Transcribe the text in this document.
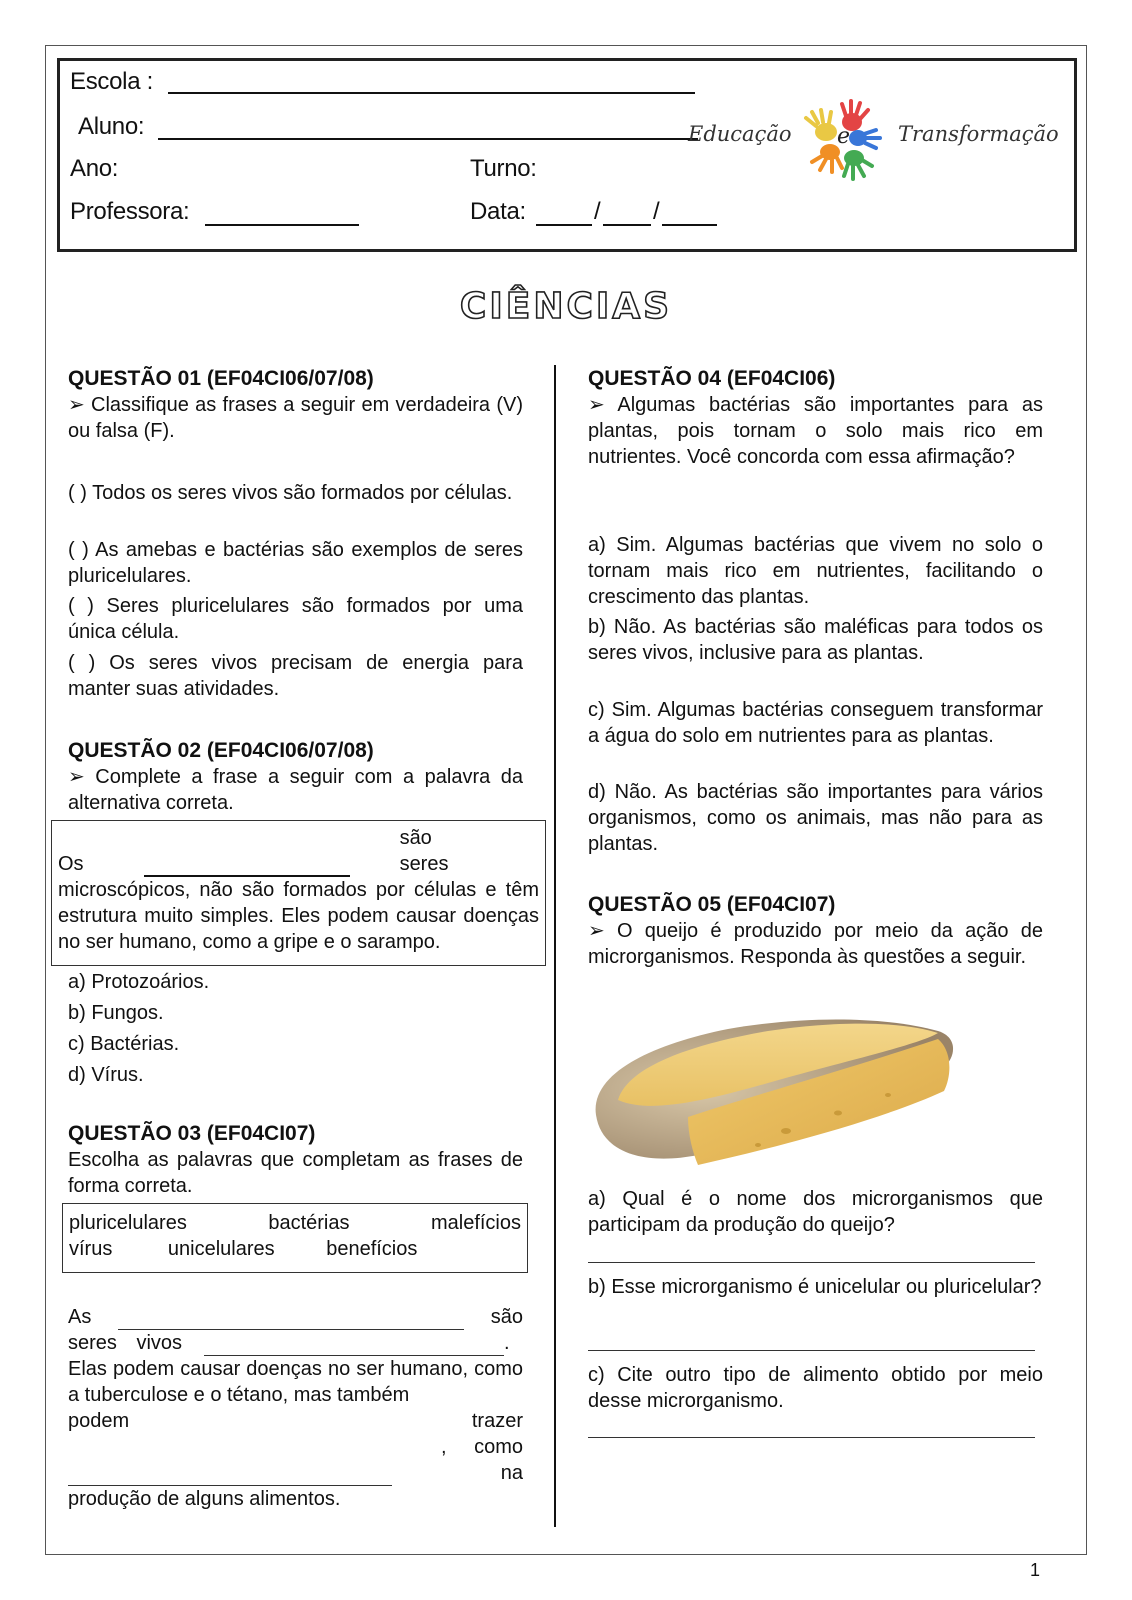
Escola :
Aluno:
Ano:	Turno:
Professora:	Data:	/ /
Educação e Transformação
CIÊNCIAS

QUESTÃO 01 (EF04CI06/07/08)

➢ Classifique as frases a seguir em verdadeira (V) ou falsa (F).

( ) Todos os seres vivos são formados por células.

( ) As amebas e bactérias são exemplos de seres pluricelulares.

( ) Seres pluricelulares são formados por uma única célula.

( ) Os seres vivos precisam de energia para manter suas atividades.

QUESTÃO 02 (EF04CI06/07/08)

➢ Complete a frase a seguir com a palavra da alternativa correta.

Os

são seres

microscópicos, não são formados por células e têm estrutura muito simples. Eles podem causar doenças no ser humano, como a gripe e o sarampo.

a) Protozoários.
b) Fungos.
c) Bactérias.
d) Vírus.

QUESTÃO 03 (EF04CI07)

Escolha as palavras que completam as frases de forma correta.

pluricelulares	bactérias	malefícios
vírus	unicelulares	benefícios
As	são
seres vivos	.

Elas podem causar doenças no ser humano, como a tuberculose e o tétano, mas também

podem	trazer
, como na
produção de alguns alimentos.

QUESTÃO 04 (EF04CI06)

➢ Algumas bactérias são importantes para as plantas, pois tornam o solo mais rico em nutrientes. Você concorda com essa afirmação?

a) Sim. Algumas bactérias que vivem no solo o tornam mais rico em nutrientes, facilitando o crescimento das plantas.

b) Não. As bactérias são maléficas para todos os seres vivos, inclusive para as plantas.

c) Sim. Algumas bactérias conseguem transformar a água do solo em nutrientes para as plantas.

d) Não. As bactérias são importantes para vários organismos, como os animais, mas não para as plantas.

QUESTÃO 05 (EF04CI07)

➢ O queijo é produzido por meio da ação de microrganismos. Responda às questões a seguir.

a) Qual é o nome dos microrganismos que participam da produção do queijo?

b) Esse microrganismo é unicelular ou pluricelular?

c) Cite outro tipo de alimento obtido por meio desse microrganismo.

1
